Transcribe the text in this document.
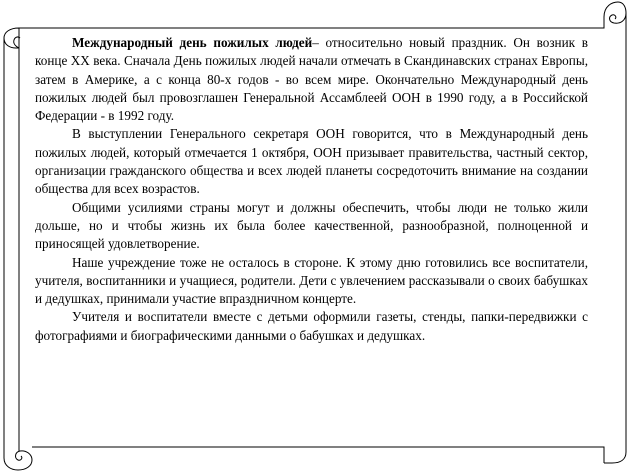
Международный день пожилых людей– относительно новый праздник. Он возник в конце XX века. Сначала День пожилых людей начали отмечать в Скандинавских странах Европы, затем в Америке, а с конца 80-х годов - во всем мире. Окончательно Международный день пожилых людей был провозглашен Генеральной Ассамблеей ООН в 1990 году, а в Российской Федерации - в 1992 году.

В выступлении Генерального секретаря ООН говорится, что в Международный день пожилых людей, который отмечается 1 октября, ООН призывает правительства, частный сектор, организации гражданского общества и всех людей планеты сосредоточить внимание на создании общества для всех возрастов.

Общими усилиями страны могут и должны обеспечить, чтобы люди не только жили дольше, но и чтобы жизнь их была более качественной, разнообразной, полноценной и приносящей удовлетворение.

Наше учреждение тоже не осталось в стороне. К этому дню готовились все воспитатели, учителя, воспитанники и учащиеся, родители. Дети с увлечением рассказывали о своих бабушках и дедушках, принимали участие впраздничном концерте.

Учителя и воспитатели вместе с детьми оформили газеты, стенды, папки-передвижки с фотографиями и биографическими данными о бабушках и дедушках.
